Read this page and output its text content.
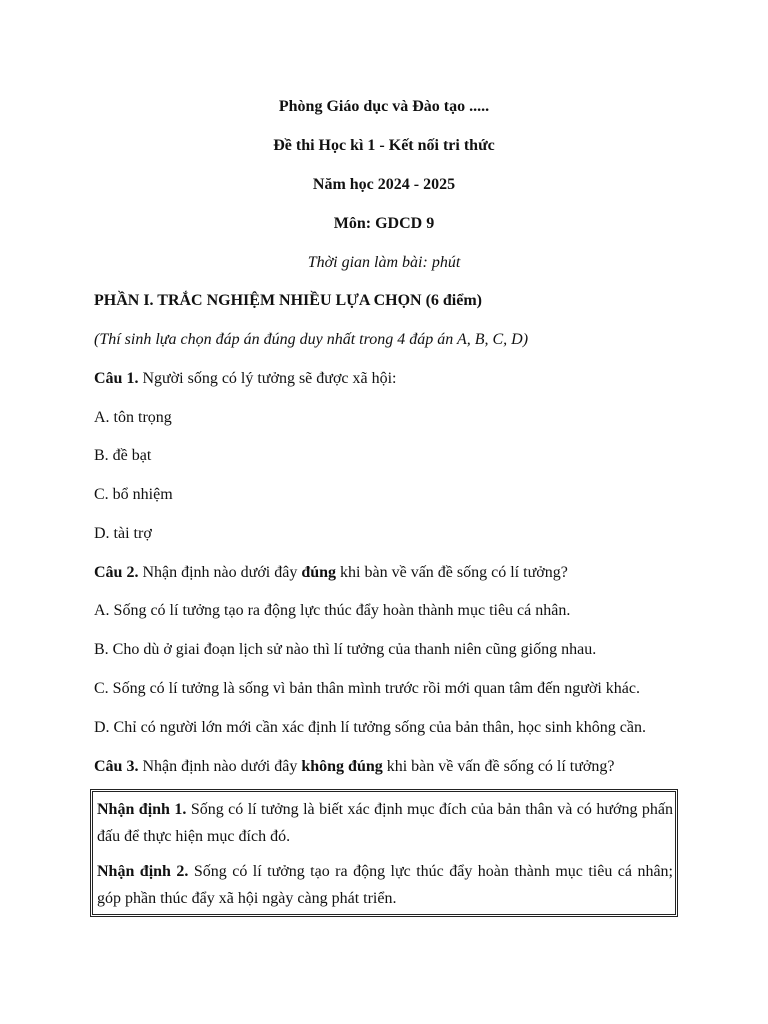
Phòng Giáo dục và Đào tạo .....
Đề thi Học kì 1 - Kết nối tri thức
Năm học 2024 - 2025
Môn: GDCD 9
Thời gian làm bài: phút
PHẦN I. TRẮC NGHIỆM NHIỀU LỰA CHỌN (6 điểm)
(Thí sinh lựa chọn đáp án đúng duy nhất trong 4 đáp án A, B, C, D)
Câu 1. Người sống có lý tưởng sẽ được xã hội:
A. tôn trọng
B. đề bạt
C. bổ nhiệm
D. tài trợ
Câu 2. Nhận định nào dưới đây đúng khi bàn về vấn đề sống có lí tưởng?
A. Sống có lí tưởng tạo ra động lực thúc đẩy hoàn thành mục tiêu cá nhân.
B. Cho dù ở giai đoạn lịch sử nào thì lí tưởng của thanh niên cũng giống nhau.
C. Sống có lí tưởng là sống vì bản thân mình trước rồi mới quan tâm đến người khác.
D. Chỉ có người lớn mới cần xác định lí tưởng sống của bản thân, học sinh không cần.
Câu 3. Nhận định nào dưới đây không đúng khi bàn về vấn đề sống có lí tưởng?

Nhận định 1. Sống có lí tưởng là biết xác định mục đích của bản thân và có hướng phấn đấu để thực hiện mục đích đó.

Nhận định 2. Sống có lí tưởng tạo ra động lực thúc đẩy hoàn thành mục tiêu cá nhân; góp phần thúc đẩy xã hội ngày càng phát triển.
